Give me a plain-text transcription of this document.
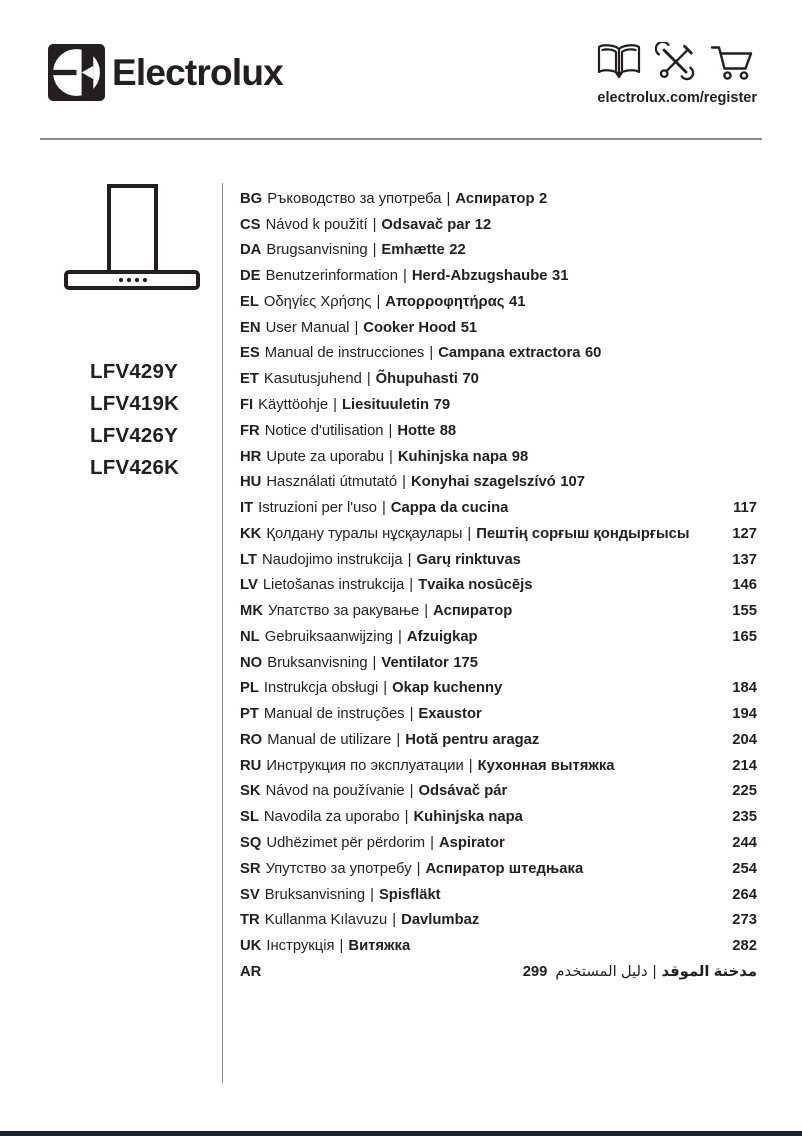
Electrolux
electrolux.com/register
LFV429Y
LFV419K
LFV426Y
LFV426K
BG Ръководство за употреба | Аспиратор 2
CS Návod k použití | Odsavač par 12
DA Brugsanvisning | Emhætte 22
DE Benutzerinformation | Herd-Abzugshaube 31
EL Οδηγίες Χρήσης | Απορροφητήρας 41
EN User Manual | Cooker Hood 51
ES Manual de instrucciones | Campana extractora 60
ET Kasutusjuhend | Õhupuhasti 70
FI Käyttöohje | Liesituuletin 79
FR Notice d'utilisation | Hotte 88
HR Upute za uporabu | Kuhinjska napa 98
HU Használati útmutató | Konyhai szagelszívó 107
IT Istruzioni per l'uso | Cappa da cucina	117
KK Қолдану туралы нұсқаулары | Пештің сорғыш қондырғысы	127
LT Naudojimo instrukcija | Garų rinktuvas	137
LV Lietošanas instrukcija | Tvaika nosūcējs	146
MK Упатство за ракување | Аспиратор	155
NL Gebruiksaanwijzing | Afzuigkap	165
NO Bruksanvisning | Ventilator 175
PL Instrukcja obsługi | Okap kuchenny	184
PT Manual de instruções | Exaustor	194
RO Manual de utilizare | Hotă pentru aragaz	204
RU Инструкция по эксплуатации | Кухонная вытяжка	214
SK Návod na používanie | Odsávač pár	225
SL Navodila za uporabo | Kuhinjska napa	235
SQ Udhëzimet për përdorim | Aspirator	244
SR Упутство за употребу | Аспиратор штедњака	254
SV Bruksanvisning | Spisfläkt	264
TR Kullanma Kılavuzu | Davlumbaz	273
UK Інструкція | Витяжка	282
AR	299 دليل المستخدم | مدخنة الموقد
